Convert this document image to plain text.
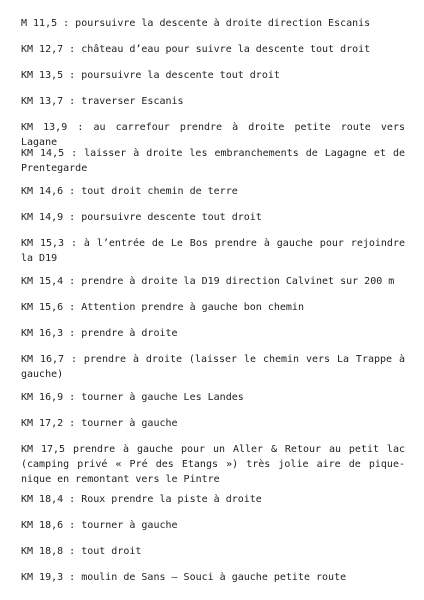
M 11,5 : poursuivre la descente à droite direction Escanis

KM 12,7 : château d’eau pour suivre la descente tout droit

KM 13,5 : poursuivre la descente tout droit

KM 13,7 : traverser Escanis

KM 13,9 : au carrefour prendre à droite petite route vers Lagane

KM 14,5 : laisser à droite les embranchements de Lagagne et de Prentegarde

KM 14,6 : tout droit chemin de terre

KM 14,9 : poursuivre descente tout droit

KM 15,3 : à l’entrée de Le Bos prendre à gauche pour rejoindre la D19

KM 15,4 : prendre à droite la D19 direction Calvinet sur 200 m

KM 15,6 : Attention prendre à gauche bon chemin

KM 16,3 : prendre à droite

KM 16,7 : prendre à droite (laisser le chemin vers La Trappe à gauche)

KM 16,9 : tourner à gauche Les Landes

KM 17,2 : tourner à gauche

KM 17,5 prendre à gauche pour un Aller & Retour au petit lac (camping privé « Pré des Etangs ») très jolie aire de pique-nique en remontant vers le Pintre

KM 18,4 : Roux prendre la piste à droite

KM 18,6 : tourner à gauche

KM 18,8 : tout droit

KM 19,3 : moulin de Sans – Souci à gauche petite route
